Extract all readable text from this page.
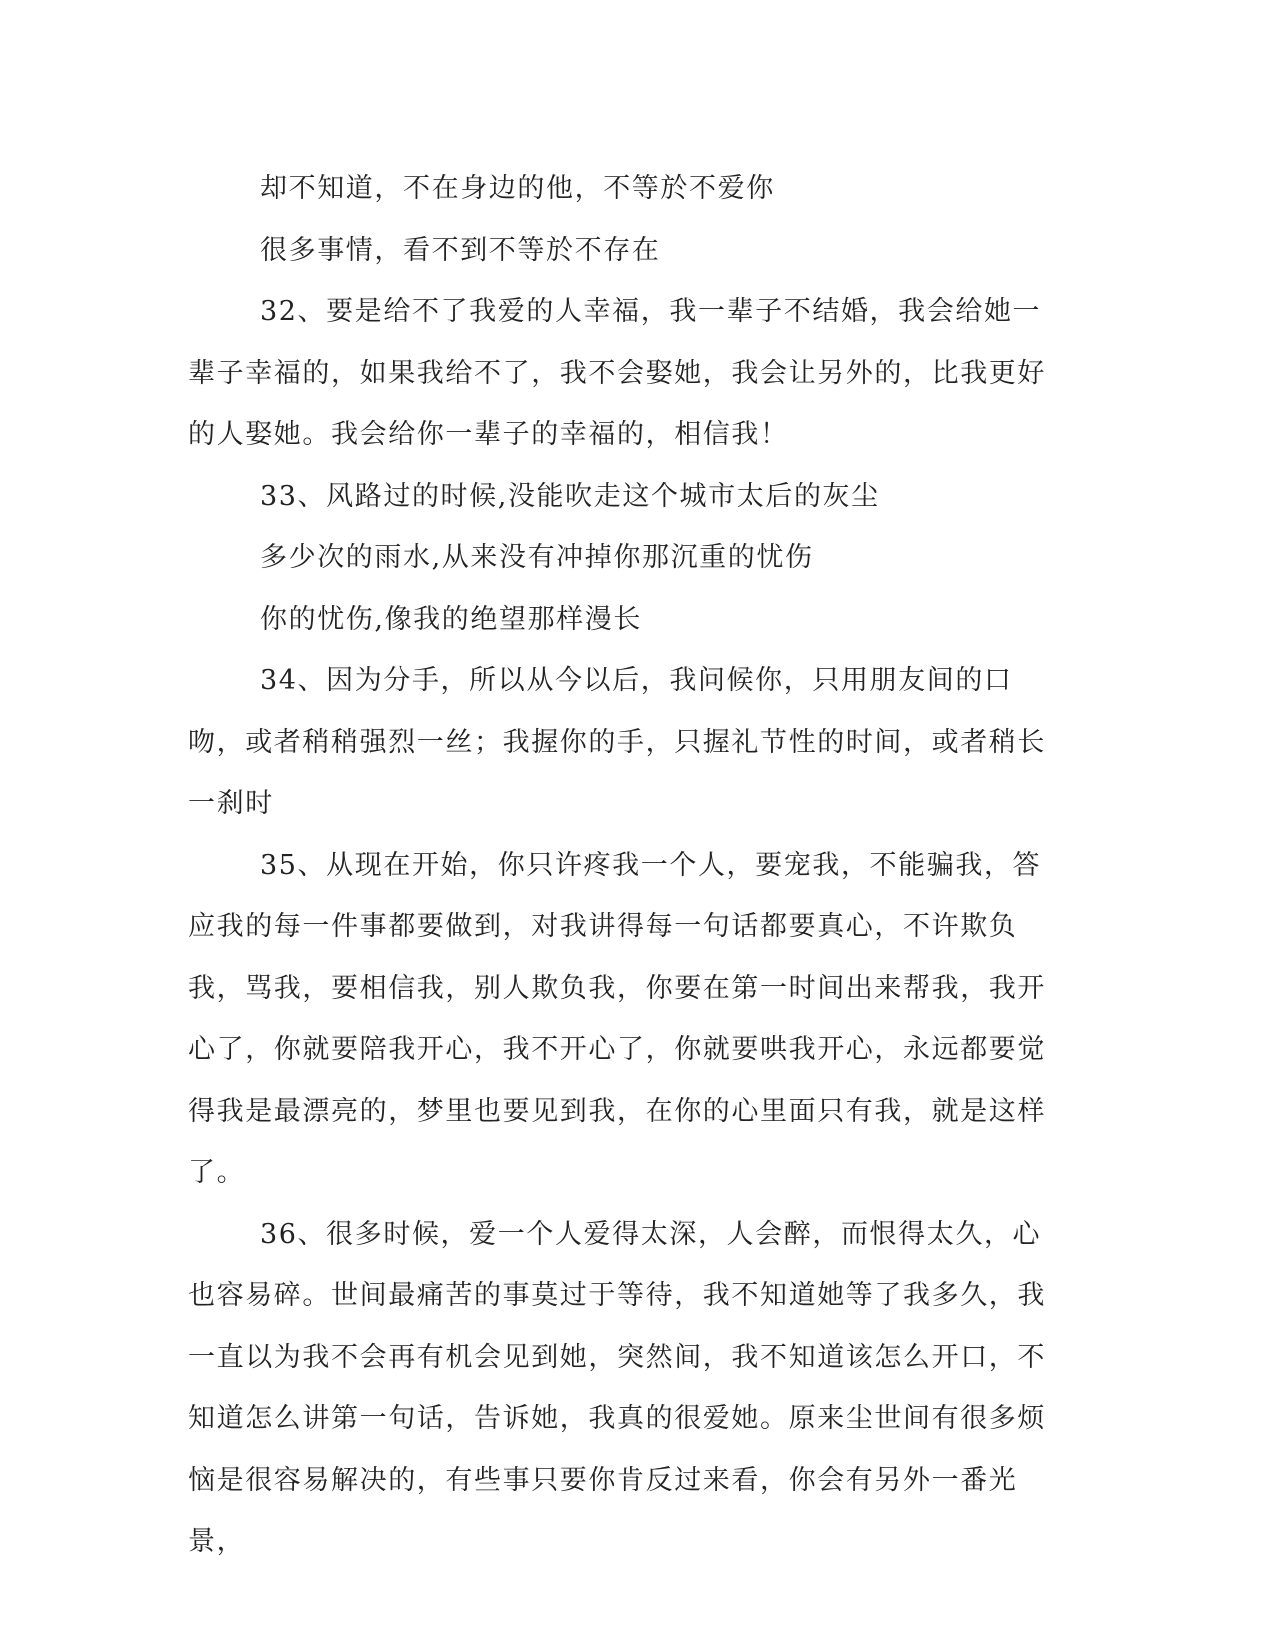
却不知道，不在身边的他，不等於不爱你

很多事情，看不到不等於不存在

32、要是给不了我爱的人幸福，我一辈子不结婚，我会给她一辈子幸福的，如果我给不了，我不会娶她，我会让另外的，比我更好的人娶她。我会给你一辈子的幸福的，相信我！

33、风路过的时候,没能吹走这个城市太后的灰尘

多少次的雨水,从来没有冲掉你那沉重的忧伤

你的忧伤,像我的绝望那样漫长

34、因为分手，所以从今以后，我问候你，只用朋友间的口吻，或者稍稍强烈一丝；我握你的手，只握礼节性的时间，或者稍长一刹时

35、从现在开始，你只许疼我一个人，要宠我，不能骗我，答应我的每一件事都要做到，对我讲得每一句话都要真心，不许欺负我，骂我，要相信我，别人欺负我，你要在第一时间出来帮我，我开心了，你就要陪我开心，我不开心了，你就要哄我开心，永远都要觉得我是最漂亮的，梦里也要见到我，在你的心里面只有我，就是这样了。

36、很多时候，爱一个人爱得太深，人会醉，而恨得太久，心也容易碎。世间最痛苦的事莫过于等待，我不知道她等了我多久，我一直以为我不会再有机会见到她，突然间，我不知道该怎么开口，不知道怎么讲第一句话，告诉她，我真的很爱她。原来尘世间有很多烦恼是很容易解决的，有些事只要你肯反过来看，你会有另外一番光景，
